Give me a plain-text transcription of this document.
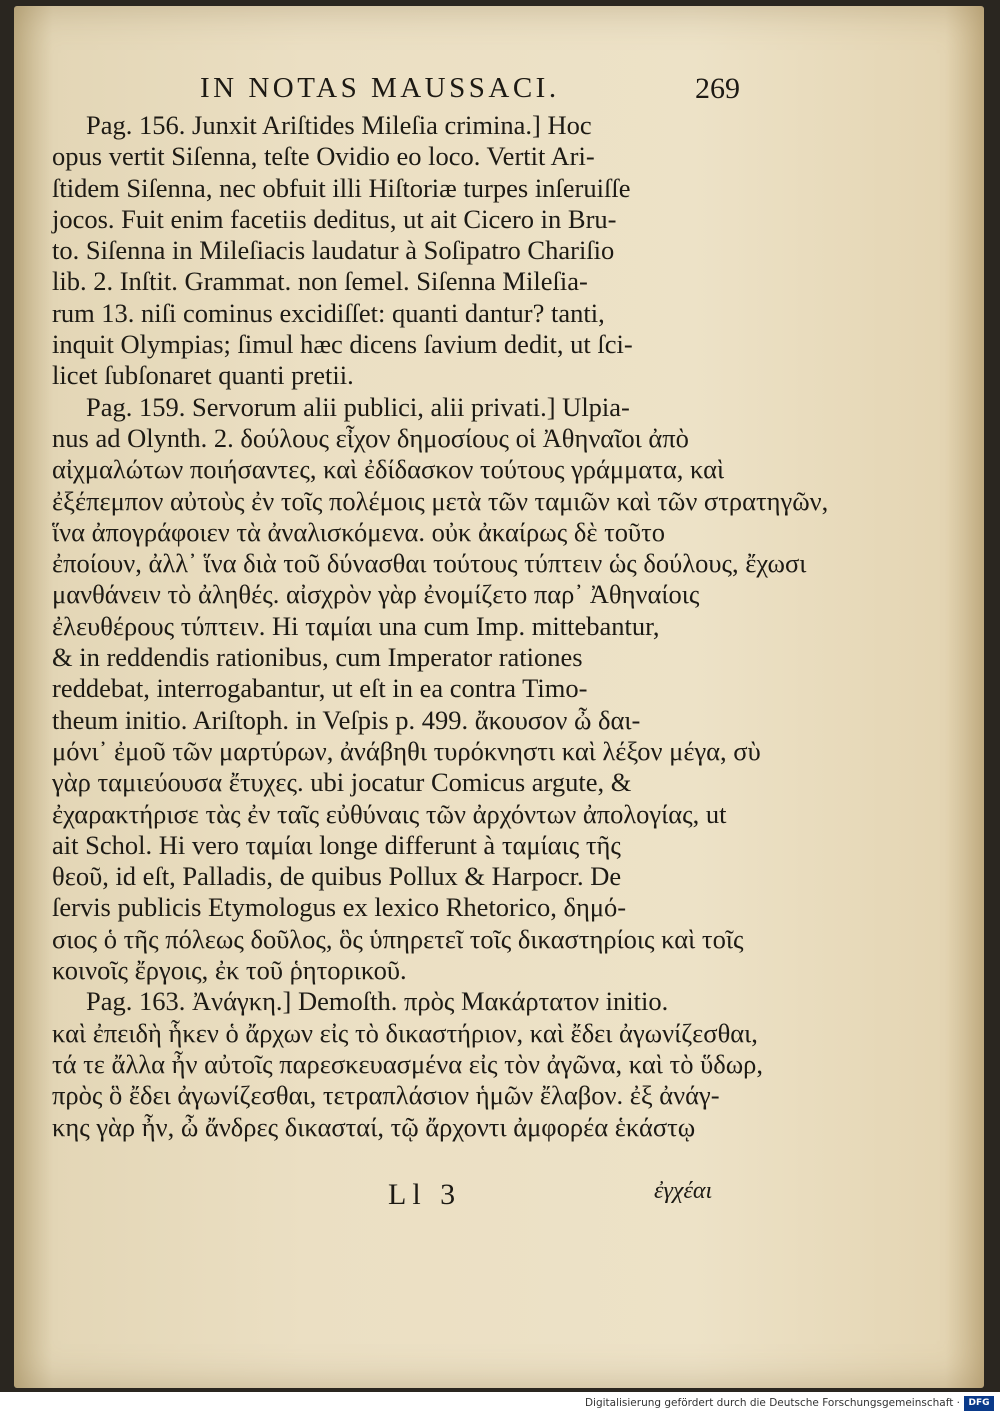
IN NOTAS MAUSSACI.	269

Pag. 156. Junxit Ariſtides Mileſia crimina.] Hoc
opus vertit Siſenna, teſte Ovidio eo loco. Vertit Ari-
ſtidem Siſenna, nec obfuit illi Hiſtoriæ turpes inſeruiſſe
jocos. Fuit enim facetiis deditus, ut ait Cicero in Bru-
to. Siſenna in Mileſiacis laudatur à Soſipatro Chariſio
lib. 2. Inſtit. Grammat. non ſemel. Siſenna Mileſia-
rum 13. niſi cominus excidiſſet: quanti dantur? tanti,
inquit Olympias; ſimul hæc dicens ſavium dedit, ut ſci-
licet ſubſonaret quanti pretii.

Pag. 159. Servorum alii publici, alii privati.] Ulpia-
nus ad Olynth. 2. δούλους εἶχον δημοσίους οἱ Ἀθηναῖοι ἀπὸ
αἰχμαλώτων ποιήσαντες, καὶ ἐδίδασκον τούτους γράμματα, καὶ
ἐξέπεμπον αὐτοὺς ἐν τοῖς πολέμοις μετὰ τῶν ταμιῶν καὶ τῶν στρατηγῶν,
ἵνα ἀπογράφοιεν τὰ ἀναλισκόμενα. οὐκ ἀκαίρως δὲ τοῦτο
ἐποίουν, ἀλλ᾽ ἵνα διὰ τοῦ δύνασθαι τούτους τύπτειν ὡς δούλους, ἔχωσι
μανθάνειν τὸ ἀληθές. αἰσχρὸν γὰρ ἐνομίζετο παρ᾽ Ἀθηναίοις
ἐλευθέρους τύπτειν. Hi ταμίαι una cum Imp. mittebantur,
& in reddendis rationibus, cum Imperator rationes
reddebat, interrogabantur, ut eſt in ea contra Timo-
theum initio. Ariſtoph. in Veſpis p. 499. ἄκουσον ὦ δαι-
μόνι᾽ ἐμοῦ τῶν μαρτύρων, ἀνάβηθι τυρόκνηστι καὶ λέξον μέγα, σὺ
γὰρ ταμιεύουσα ἔτυχες. ubi jocatur Comicus argute, &
ἐχαρακτήρισε τὰς ἐν ταῖς εὐθύναις τῶν ἀρχόντων ἀπολογίας, ut
ait Schol. Hi vero ταμίαι longe differunt à ταμίαις τῆς
θεοῦ, id eſt, Palladis, de quibus Pollux & Harpocr. De
ſervis publicis Etymologus ex lexico Rhetorico, δημό-
σιος ὁ τῆς πόλεως δοῦλος, ὃς ὑπηρετεῖ τοῖς δικαστηρίοις καὶ τοῖς
κοινοῖς ἔργοις, ἐκ τοῦ ῥητορικοῦ.

Pag. 163. Ἀνάγκη.] Demoſth. πρὸς Μακάρτατον initio.
καὶ ἐπειδὴ ἧκεν ὁ ἄρχων εἰς τὸ δικαστήριον, καὶ ἔδει ἀγωνίζεσθαι,
τά τε ἄλλα ἦν αὐτοῖς παρεσκευασμένα εἰς τὸν ἀγῶνα, καὶ τὸ ὕδωρ,
πρὸς ὃ ἔδει ἀγωνίζεσθαι, τετραπλάσιον ἡμῶν ἔλαβον. ἐξ ἀνάγ-
κης γὰρ ἦν, ὦ ἄνδρες δικασταί, τῷ ἄρχοντι ἀμφορέα ἑκάστῳ

Ll 3	ἐγχέαι
Digitalisierung gefördert durch die Deutsche Forschungsgemeinschaft · DFG
